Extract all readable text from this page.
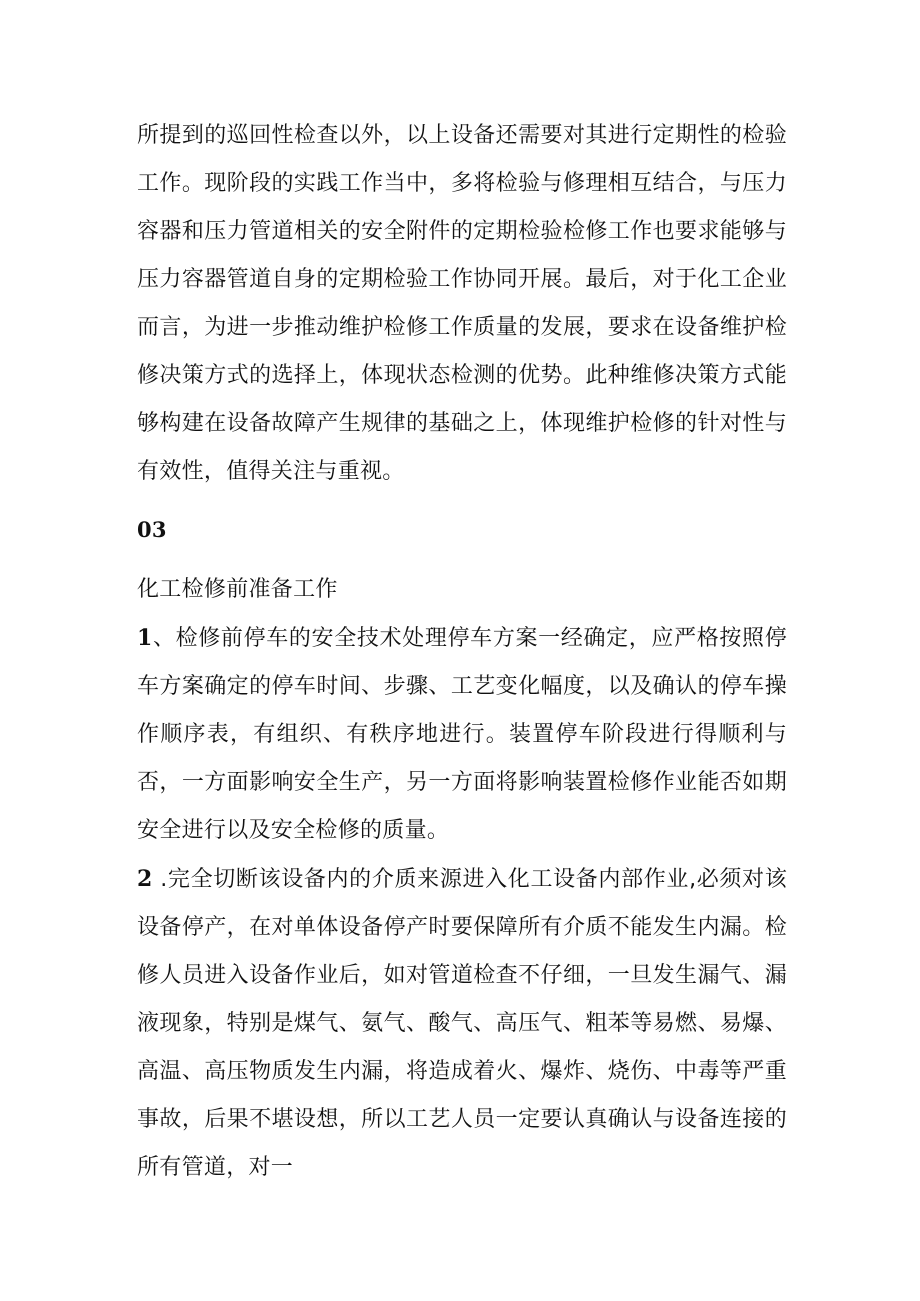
所提到的巡回性检查以外，以上设备还需要对其进行定期性的检验工作。现阶段的实践工作当中，多将检验与修理相互结合，与压力容器和压力管道相关的安全附件的定期检验检修工作也要求能够与压力容器管道自身的定期检验工作协同开展。最后，对于化工企业而言，为进一步推动维护检修工作质量的发展，要求在设备维护检修决策方式的选择上，体现状态检测的优势。此种维修决策方式能够构建在设备故障产生规律的基础之上，体现维护检修的针对性与有效性，值得关注与重视。

03

化工检修前准备工作

1、检修前停车的安全技术处理停车方案一经确定，应严格按照停车方案确定的停车时间、步骤、工艺变化幅度，以及确认的停车操作顺序表，有组织、有秩序地进行。装置停车阶段进行得顺利与否，一方面影响安全生产，另一方面将影响装置检修作业能否如期安全进行以及安全检修的质量。

2 .完全切断该设备内的介质来源进入化工设备内部作业,必须对该设备停产，在对单体设备停产时要保障所有介质不能发生内漏。检修人员进入设备作业后，如对管道检查不仔细，一旦发生漏气、漏液现象，特别是煤气、氨气、酸气、高压气、粗苯等易燃、易爆、高温、高压物质发生内漏，将造成着火、爆炸、烧伤、中毒等严重事故，后果不堪设想，所以工艺人员一定要认真确认与设备连接的所有管道，对一
